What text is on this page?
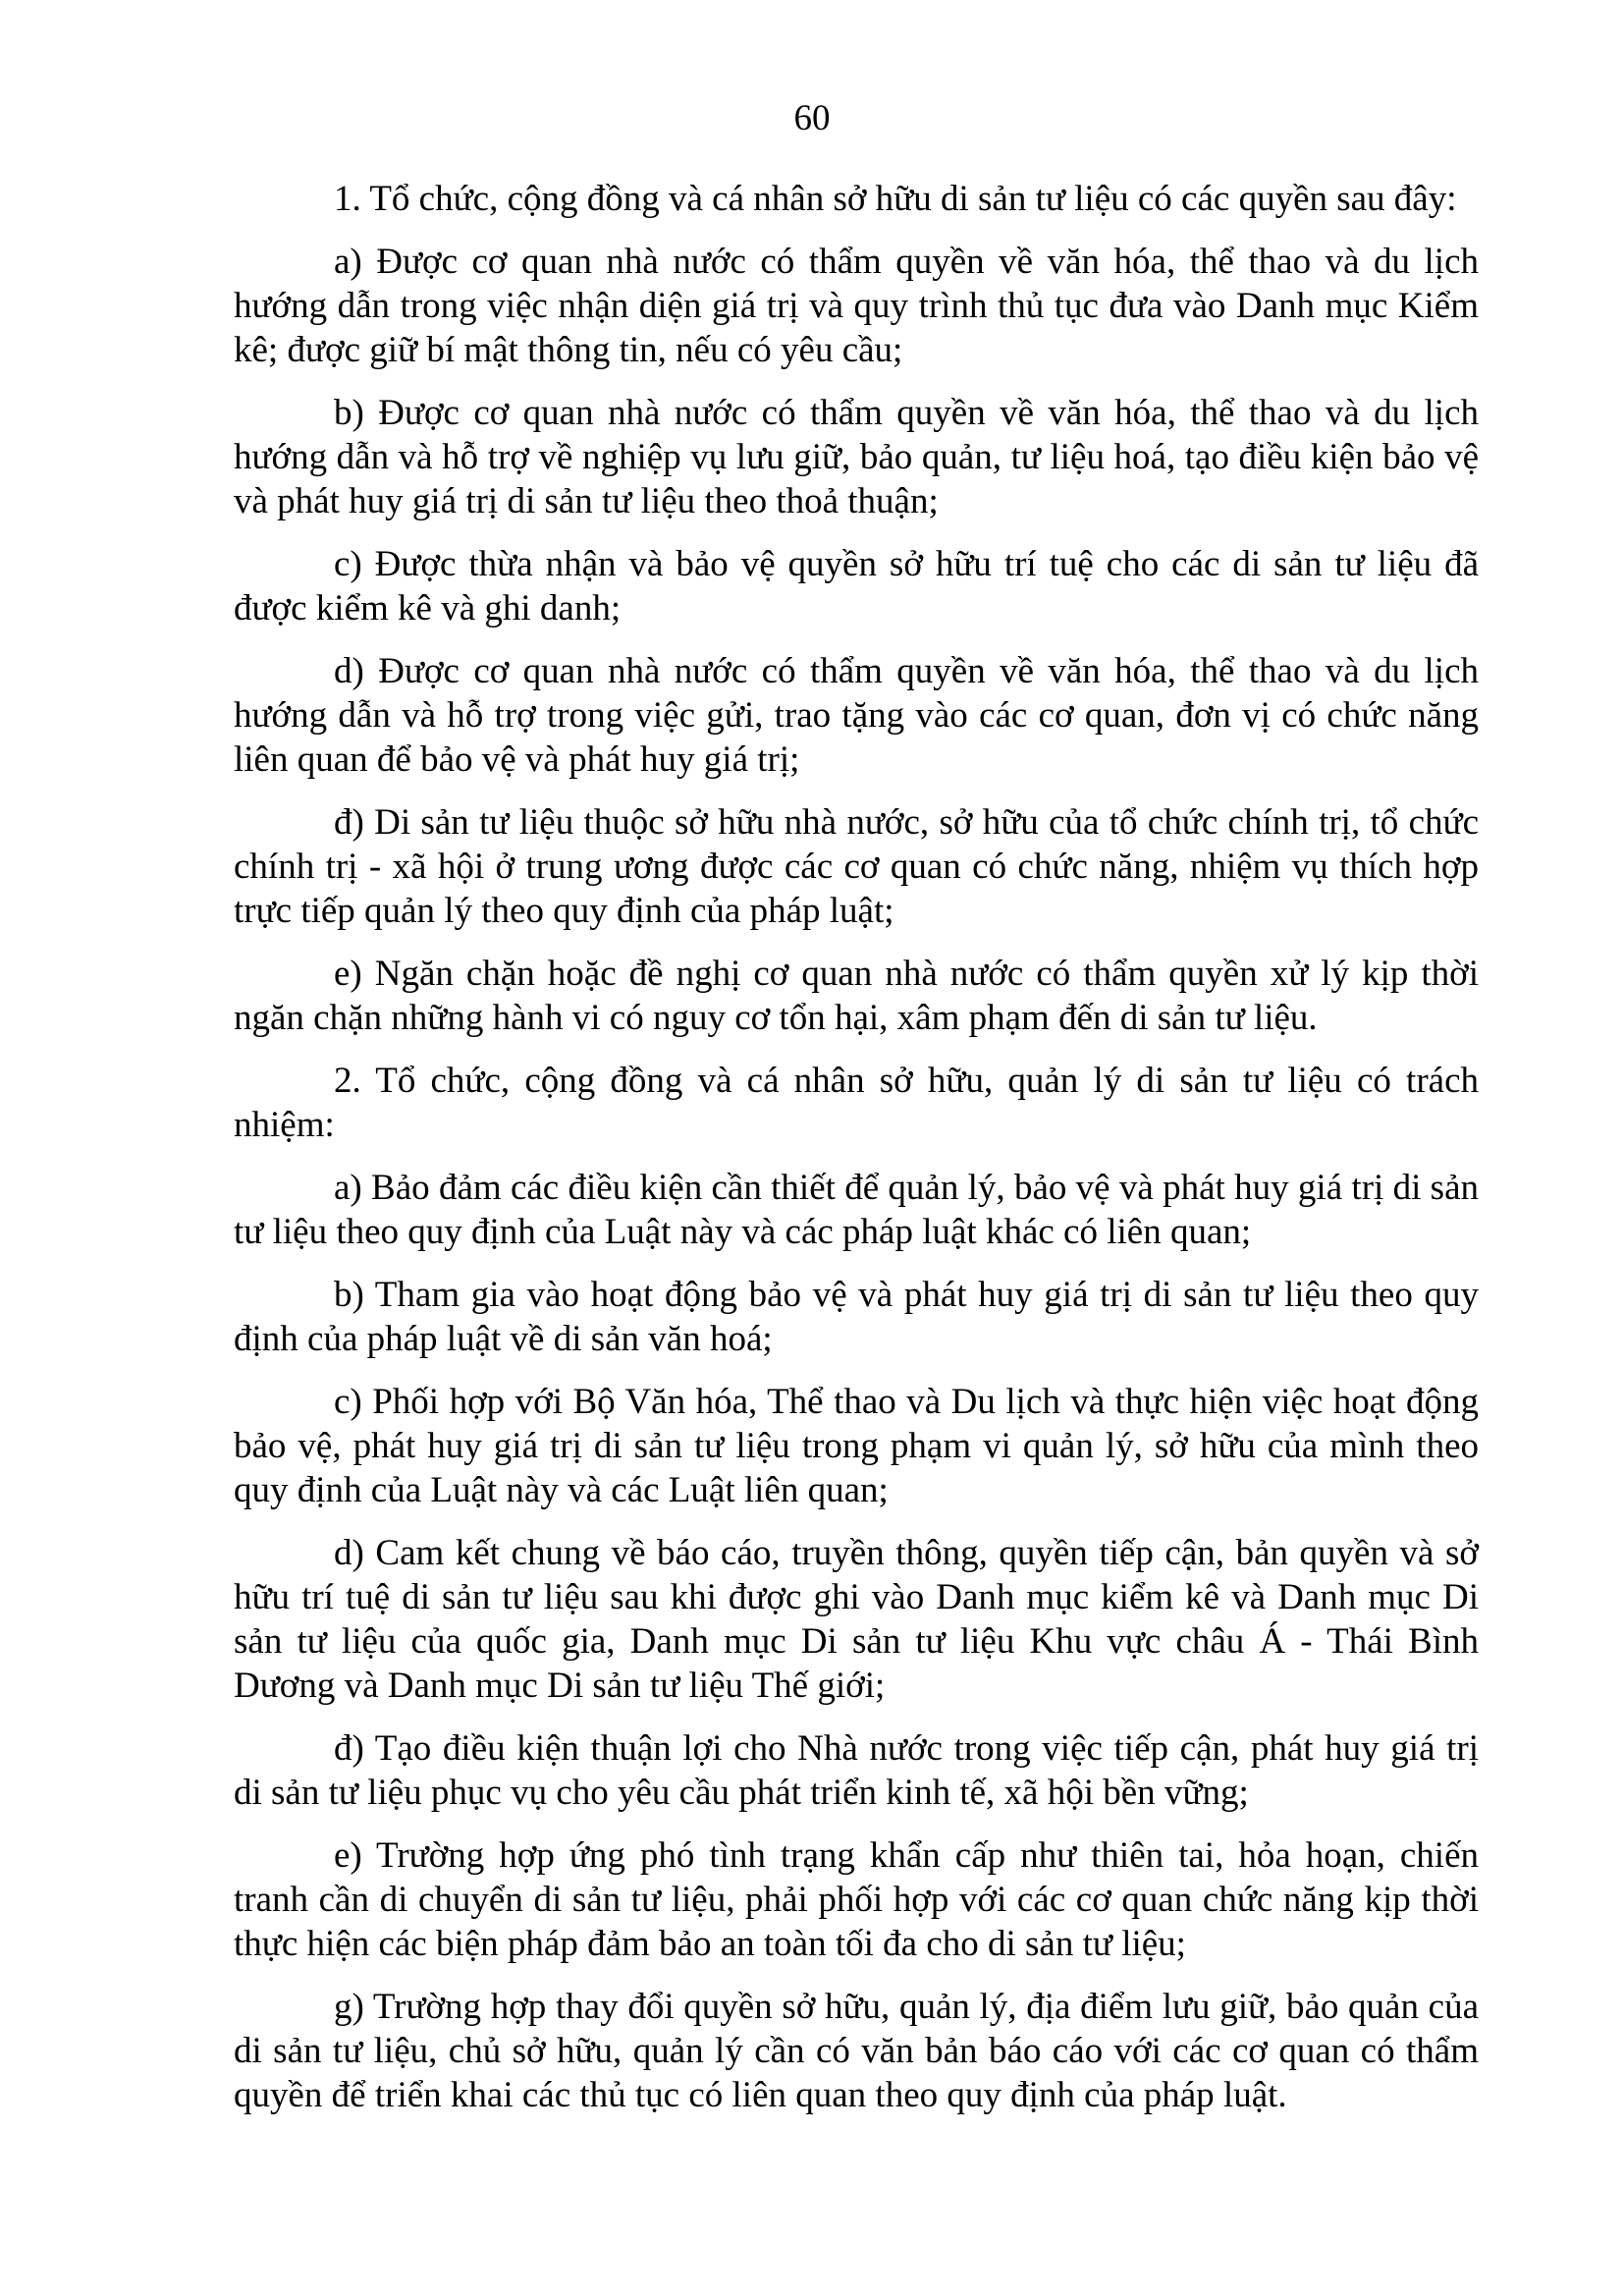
60

1. Tổ chức, cộng đồng và cá nhân sở hữu di sản tư liệu có các quyền sau đây:

a) Được cơ quan nhà nước có thẩm quyền về văn hóa, thể thao và du lịch hướng dẫn trong việc nhận diện giá trị và quy trình thủ tục đưa vào Danh mục Kiểm kê; được giữ bí mật thông tin, nếu có yêu cầu;

b) Được cơ quan nhà nước có thẩm quyền về văn hóa, thể thao và du lịch hướng dẫn và hỗ trợ về nghiệp vụ lưu giữ, bảo quản, tư liệu hoá, tạo điều kiện bảo vệ và phát huy giá trị di sản tư liệu theo thoả thuận;

c) Được thừa nhận và bảo vệ quyền sở hữu trí tuệ cho các di sản tư liệu đã được kiểm kê và ghi danh;

d) Được cơ quan nhà nước có thẩm quyền về văn hóa, thể thao và du lịch hướng dẫn và hỗ trợ trong việc gửi, trao tặng vào các cơ quan, đơn vị có chức năng liên quan để bảo vệ và phát huy giá trị;

đ) Di sản tư liệu thuộc sở hữu nhà nước, sở hữu của tổ chức chính trị, tổ chức chính trị - xã hội ở trung ương được các cơ quan có chức năng, nhiệm vụ thích hợp trực tiếp quản lý theo quy định của pháp luật;

e) Ngăn chặn hoặc đề nghị cơ quan nhà nước có thẩm quyền xử lý kịp thời ngăn chặn những hành vi có nguy cơ tổn hại, xâm phạm đến di sản tư liệu.

2. Tổ chức, cộng đồng và cá nhân sở hữu, quản lý di sản tư liệu có trách nhiệm:

a) Bảo đảm các điều kiện cần thiết để quản lý, bảo vệ và phát huy giá trị di sản tư liệu theo quy định của Luật này và các pháp luật khác có liên quan;

b) Tham gia vào hoạt động bảo vệ và phát huy giá trị di sản tư liệu theo quy định của pháp luật về di sản văn hoá;

c) Phối hợp với Bộ Văn hóa, Thể thao và Du lịch và thực hiện việc hoạt động bảo vệ, phát huy giá trị di sản tư liệu trong phạm vi quản lý, sở hữu của mình theo quy định của Luật này và các Luật liên quan;

d) Cam kết chung về báo cáo, truyền thông, quyền tiếp cận, bản quyền và sở hữu trí tuệ di sản tư liệu sau khi được ghi vào Danh mục kiểm kê và Danh mục Di sản tư liệu của quốc gia, Danh mục Di sản tư liệu Khu vực châu Á - Thái Bình Dương và Danh mục Di sản tư liệu Thế giới;

đ) Tạo điều kiện thuận lợi cho Nhà nước trong việc tiếp cận, phát huy giá trị di sản tư liệu phục vụ cho yêu cầu phát triển kinh tế, xã hội bền vững;

e) Trường hợp ứng phó tình trạng khẩn cấp như thiên tai, hỏa hoạn, chiến tranh cần di chuyển di sản tư liệu, phải phối hợp với các cơ quan chức năng kịp thời thực hiện các biện pháp đảm bảo an toàn tối đa cho di sản tư liệu;

g) Trường hợp thay đổi quyền sở hữu, quản lý, địa điểm lưu giữ, bảo quản của di sản tư liệu, chủ sở hữu, quản lý cần có văn bản báo cáo với các cơ quan có thẩm quyền để triển khai các thủ tục có liên quan theo quy định của pháp luật.
